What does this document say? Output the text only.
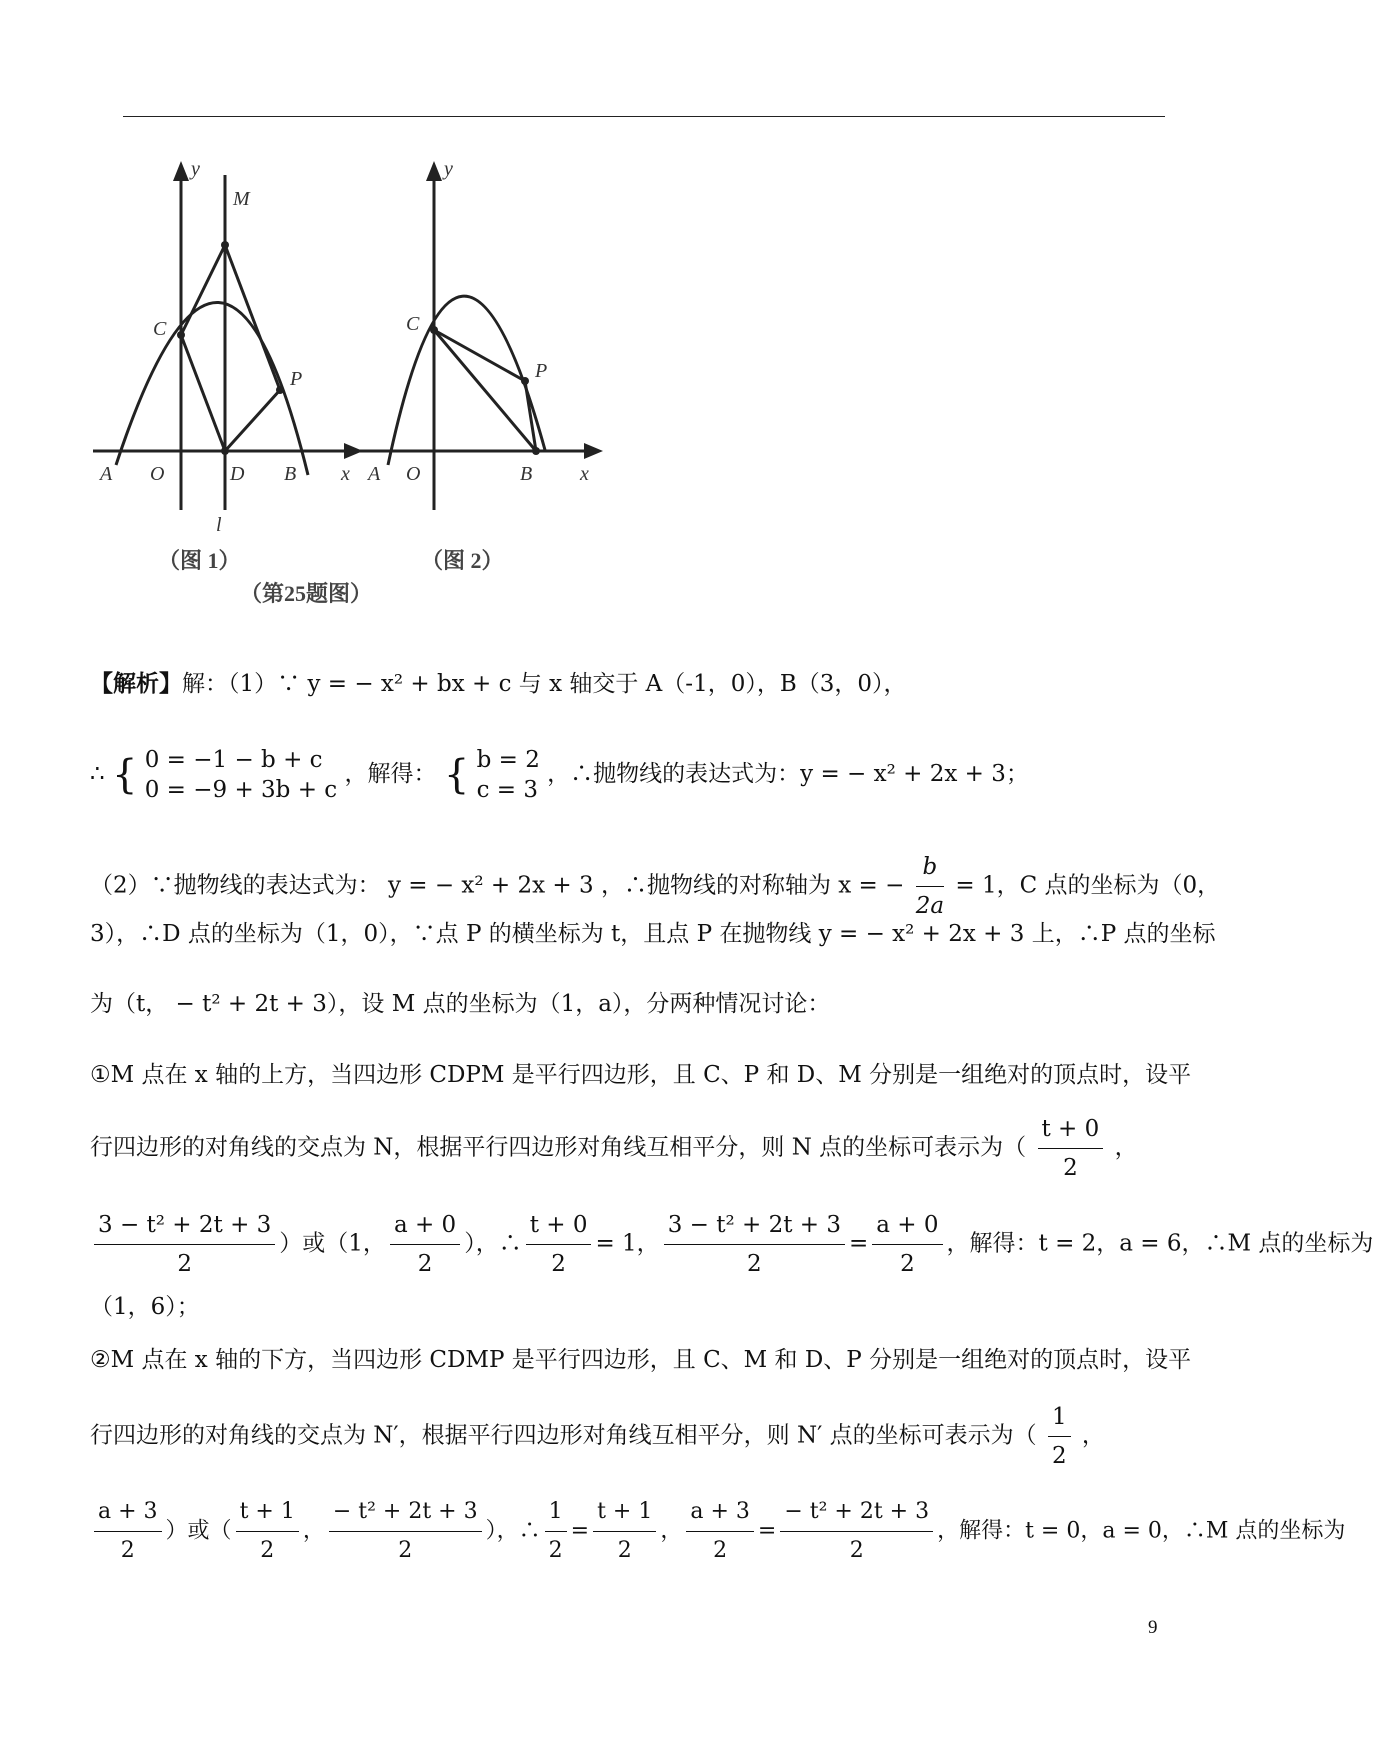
y
M
C
P
A O	D B x
l
y
C
P
A O	B x
（图 1）	（图 2）
（第25题图）
【解析】解：（1）∵ y = − x² + bx + c 与 x 轴交于 A（-1，0），B（3，0），
∴ { 0 = −1 − b + c
0 = −9 + 3b + c
，解得： { b = 2
c = 3
，∴抛物线的表达式为：y = − x² + 2x + 3；
（2）∵抛物线的表达式为： y = − x² + 2x + 3 ，∴抛物线的对称轴为 x = − $\frac{b}{2a} = 1$，C 点的坐标为（0，
3），∴D 点的坐标为（1，0），∵点 P 的横坐标为 t，且点 P 在抛物线 y = − x² + 2x + 3 上，∴P 点的坐标
为（t， − t² + 2t + 3），设 M 点的坐标为（1，a），分两种情况讨论：
①M 点在 x 轴的上方，当四边形 CDPM 是平行四边形，且 C、P 和 D、M 分别是一组绝对的顶点时，设平
行四边形的对角线的交点为 N，根据平行四边形对角线互相平分，则 N 点的坐标可表示为（ $\frac{t + 0}{2}$ ，
$\frac{\text{3 − t² + 2t + 3}}{2}$ ）或（1， $\frac{a + 0}{2}$ ），∴ $\frac{t + 0}{2} = 1$， $\frac{\text{3 − t² + 2t + 3}}{2} = \frac{a + 0}{2}$ ，解得：t = 2，a = 6，∴M 点的坐标为
（1，6）；
②M 点在 x 轴的下方，当四边形 CDMP 是平行四边形，且 C、M 和 D、P 分别是一组绝对的顶点时，设平
行四边形的对角线的交点为 N′，根据平行四边形对角线互相平分，则 N′ 点的坐标可表示为（ $\frac{1}{2}$ ，
$\frac{a + 3}{2}$ ）或（ $\frac{t + 1}{2}$ ， $\frac{\text{− t² + 2t + 3}}{2}$ ），∴ $\frac{1}{2} = \frac{t + 1}{2}$ ， $\frac{a + 3}{2} = \frac{\text{− t² + 2t + 3}}{2}$ ，解得：t = 0，a = 0，∴M 点的坐标为
9
